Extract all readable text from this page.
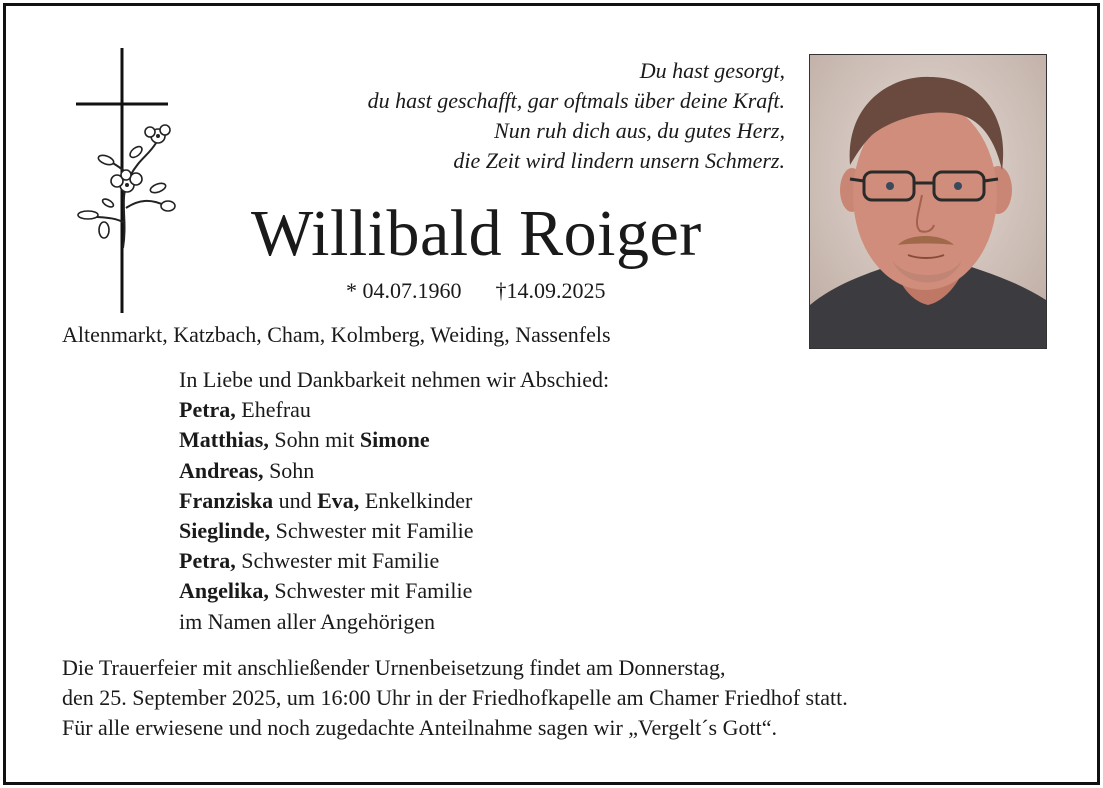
Du hast gesorgt,
du hast geschafft, gar oftmals über deine Kraft.
Nun ruh dich aus, du gutes Herz,
die Zeit wird lindern unsern Schmerz.
Willibald Roiger
* 04.07.1960 †14.09.2025
Altenmarkt, Katzbach, Cham, Kolmberg, Weiding, Nassenfels
In Liebe und Dankbarkeit nehmen wir Abschied:
Petra, Ehefrau
Matthias, Sohn mit Simone
Andreas, Sohn
Franziska und Eva, Enkelkinder
Sieglinde, Schwester mit Familie
Petra, Schwester mit Familie
Angelika, Schwester mit Familie
im Namen aller Angehörigen
Die Trauerfeier mit anschließender Urnenbeisetzung findet am Donnerstag,
den 25. September 2025, um 16:00 Uhr in der Friedhofkapelle am Chamer Friedhof statt.
Für alle erwiesene und noch zugedachte Anteilnahme sagen wir „Vergelt´s Gott“.
